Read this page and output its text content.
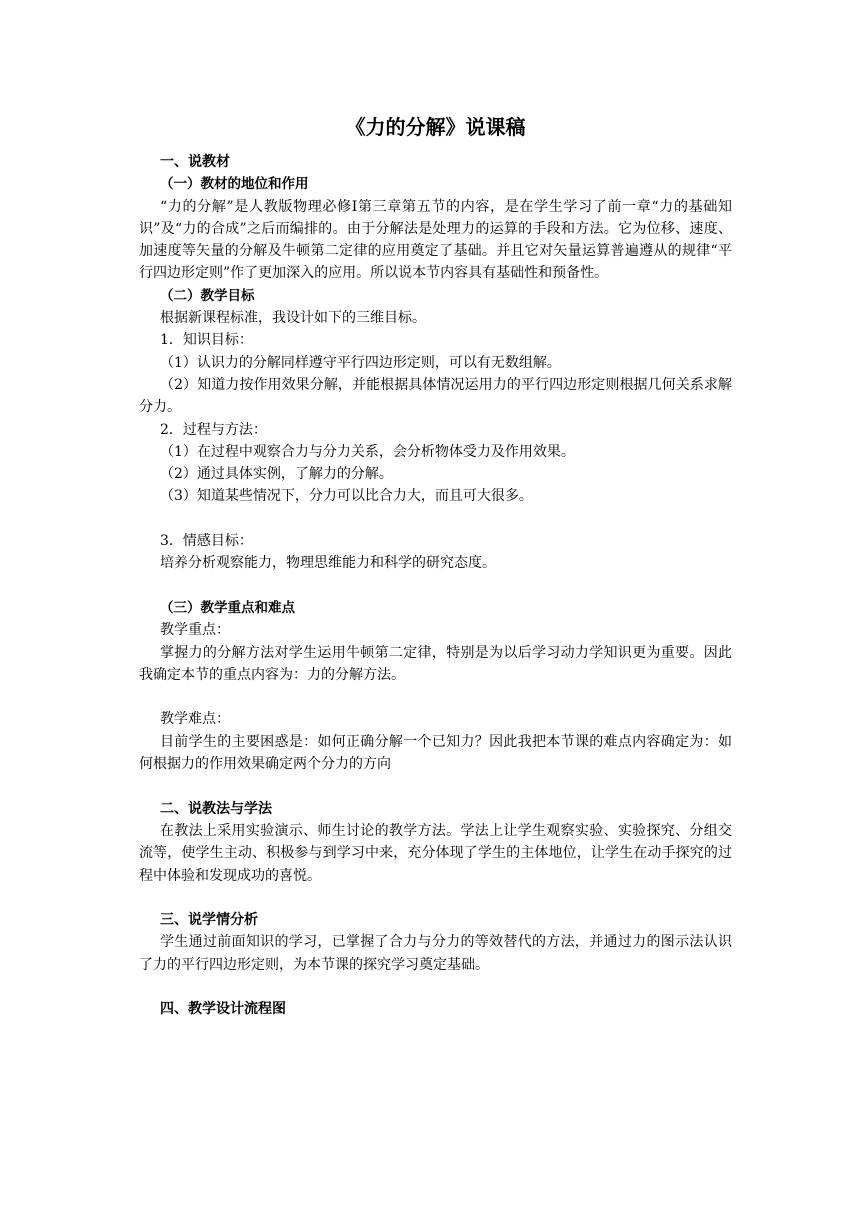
《力的分解》说课稿
一、说教材
（一）教材的地位和作用
“力的分解”是人教版物理必修Ⅰ第三章第五节的内容，是在学生学习了前一章“力的基础知识”及“力的合成”之后而编排的。由于分解法是处理力的运算的手段和方法。它为位移、速度、加速度等矢量的分解及牛顿第二定律的应用奠定了基础。并且它对矢量运算普遍遵从的规律“平行四边形定则”作了更加深入的应用。所以说本节内容具有基础性和预备性。
（二）教学目标
根据新课程标准，我设计如下的三维目标。
1．知识目标：
（1）认识力的分解同样遵守平行四边形定则，可以有无数组解。
（2）知道力按作用效果分解，并能根据具体情况运用力的平行四边形定则根据几何关系求解分力。
2．过程与方法：
（1）在过程中观察合力与分力关系，会分析物体受力及作用效果。
（2）通过具体实例，了解力的分解。
（3）知道某些情况下，分力可以比合力大，而且可大很多。
3．情感目标：
培养分析观察能力，物理思维能力和科学的研究态度。
（三）教学重点和难点
教学重点：
掌握力的分解方法对学生运用牛顿第二定律，特别是为以后学习动力学知识更为重要。因此我确定本节的重点内容为：力的分解方法。
教学难点：
目前学生的主要困惑是：如何正确分解一个已知力？因此我把本节课的难点内容确定为：如何根据力的作用效果确定两个分力的方向
二、说教法与学法
在教法上采用实验演示、师生讨论的教学方法。学法上让学生观察实验、实验探究、分组交流等，使学生主动、积极参与到学习中来，充分体现了学生的主体地位，让学生在动手探究的过程中体验和发现成功的喜悦。
三、说学情分析
学生通过前面知识的学习，已掌握了合力与分力的等效替代的方法，并通过力的图示法认识了力的平行四边形定则，为本节课的探究学习奠定基础。
四、教学设计流程图
